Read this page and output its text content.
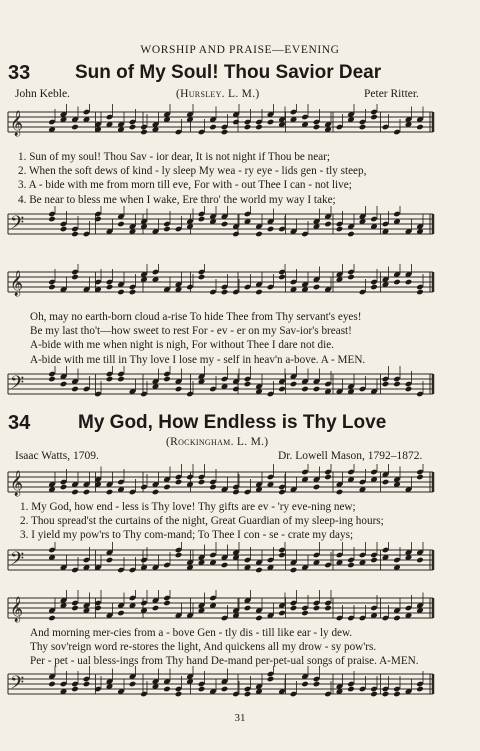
WORSHIP AND PRAISE—EVENING
33 Sun of My Soul! Thou Savior Dear
John Keble.	(Hursley. L. M.)	Peter Ritter.
𝄞
1. Sun of my soul! Thou Sav - ior dear, It is not night if Thou be near;
2. When the soft dews of kind - ly sleep My wea - ry eye - lids gen - tly steep,
3. A - bide with me from morn till eve, For with - out Thee I can - not live;
4. Be near to bless me when I wake, Ere thro' the world my way I take;
𝄢
𝄞
Oh, may no earth-born cloud a-rise To hide Thee from Thy servant's eyes!
Be my last tho't—how sweet to rest For - ev - er on my Sav-ior's breast!
A-bide with me when night is nigh, For without Thee I dare not die.
A-bide with me till in Thy love I lose my - self in heav'n a-bove. A - MEN.
𝄢
34	My God, How Endless is Thy Love
(Rockingham. L. M.)
Isaac Watts, 1709.	Dr. Lowell Mason, 1792–1872.
𝄞
1. My God, how end - less is Thy love! Thy gifts are ev - 'ry eve-ning new;
2. Thou spread'st the curtains of the night, Great Guardian of my sleep-ing hours;
3. I yield my pow'rs to Thy com-mand; To Thee I con - se - crate my days;
𝄢
𝄞
And morning mer-cies from a - bove Gen - tly dis - till like ear - ly dew.
Thy sov'reign word re-stores the light, And quickens all my drow - sy pow'rs.
Per - pet - ual bless-ings from Thy hand De-mand per-pet-ual songs of praise. A-MEN.
𝄢
31
